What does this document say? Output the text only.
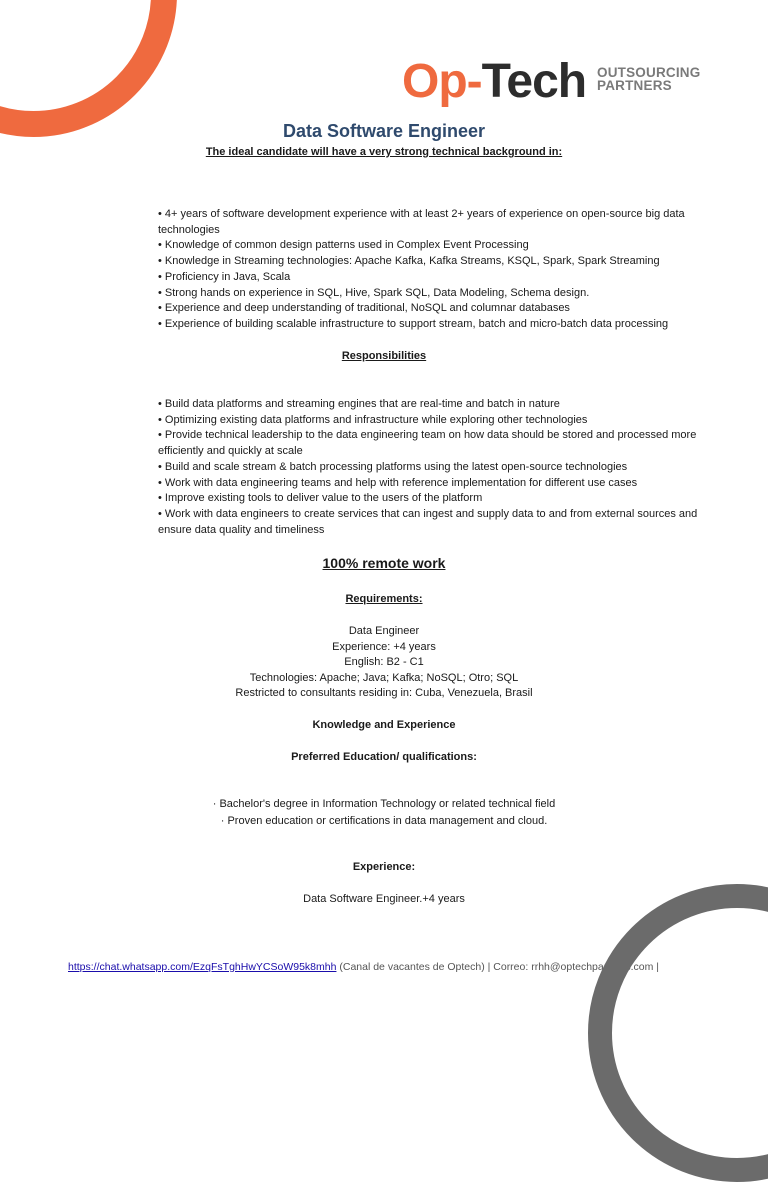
Op-Tech OUTSOURCING
PARTNERS
Data Software Engineer
The ideal candidate will have a very strong technical background in:
• 4+ years of software development experience with at least 2+ years of experience on open-source big data technologies
• Knowledge of common design patterns used in Complex Event Processing
• Knowledge in Streaming technologies: Apache Kafka, Kafka Streams, KSQL, Spark, Spark Streaming
• Proficiency in Java, Scala
• Strong hands on experience in SQL, Hive, Spark SQL, Data Modeling, Schema design.
• Experience and deep understanding of traditional, NoSQL and columnar databases
• Experience of building scalable infrastructure to support stream, batch and micro-batch data processing
Responsibilities
• Build data platforms and streaming engines that are real-time and batch in nature
• Optimizing existing data platforms and infrastructure while exploring other technologies
• Provide technical leadership to the data engineering team on how data should be stored and processed more efficiently and quickly at scale
• Build and scale stream & batch processing platforms using the latest open-source technologies
• Work with data engineering teams and help with reference implementation for different use cases
• Improve existing tools to deliver value to the users of the platform
• Work with data engineers to create services that can ingest and supply data to and from external sources and ensure data quality and timeliness
100% remote work
Requirements:
Data Engineer
Experience: +4 years
English: B2 - C1
Technologies: Apache; Java; Kafka; NoSQL; Otro; SQL
Restricted to consultants residing in: Cuba, Venezuela, Brasil
Knowledge and Experience
Preferred Education/ qualifications:
· Bachelor's degree in Information Technology or related technical field
· Proven education or certifications in data management and cloud.
Experience:
Data Software Engineer.+4 years
https://chat.whatsapp.com/EzqFsTghHwYCSoW95k8mhh (Canal de vacantes de Optech) | Correo: rrhh@optechpartners.com |
